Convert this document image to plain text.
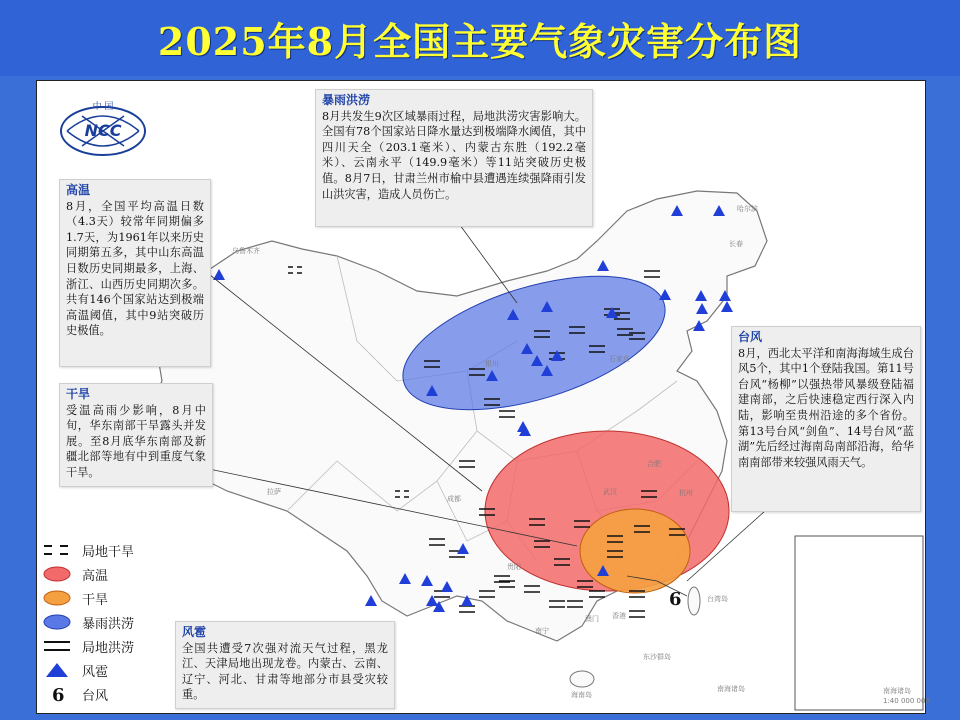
2025年8月全国主要气象灾害分布图
南海诸岛
1:40 000 000
乌鲁木齐
哈尔滨
长春
拉萨
成都
武汉	杭州
贵阳
南宁
香港
澳门
台湾岛
海南岛
东沙群岛
南海诸岛
银川
石家庄
合肥
6
NCC
中 国	暴雨洪涝
8月共发生9次区域暴雨过程，局地洪涝灾害影响大。全国有78个国家站日降水量达到极端降水阈值，其中四川天全（203.1毫米）、内蒙古东胜（192.2毫米）、云南永平（149.9毫米）等11站突破历史极值。8月7日，甘肃兰州市榆中县遭遇连续强降雨引发山洪灾害，造成人员伤亡。
高温
8月，全国平均高温日数（4.3天）较常年同期偏多1.7天，为1961年以来历史同期第五多，其中山东高温日数历史同期最多，上海、浙江、山西历史同期次多。共有146个国家站达到极端高温阈值，其中9站突破历史极值。
干旱
受温高雨少影响，8月中旬，华东南部干旱露头并发展。至8月底华东南部及新疆北部等地有中到重度气象干旱。
台风
8月，西北太平洋和南海海域生成台风5个，其中1个登陆我国。第11号台风“杨柳”以强热带风暴级登陆福建南部，之后快速稳定西行深入内陆，影响至贵州沿途的多个省份。第13号台风“剑鱼”、14号台风“蓝湖”先后经过海南岛南部沿海，给华南南部带来较强风雨天气。
风雹
全国共遭受7次强对流天气过程，黑龙江、天津局地出现龙卷。内蒙古、云南、辽宁、河北、甘肃等地部分市县受灾较重。
局地干旱
高温
干旱
暴雨洪涝
局地洪涝
风雹
6 台风
